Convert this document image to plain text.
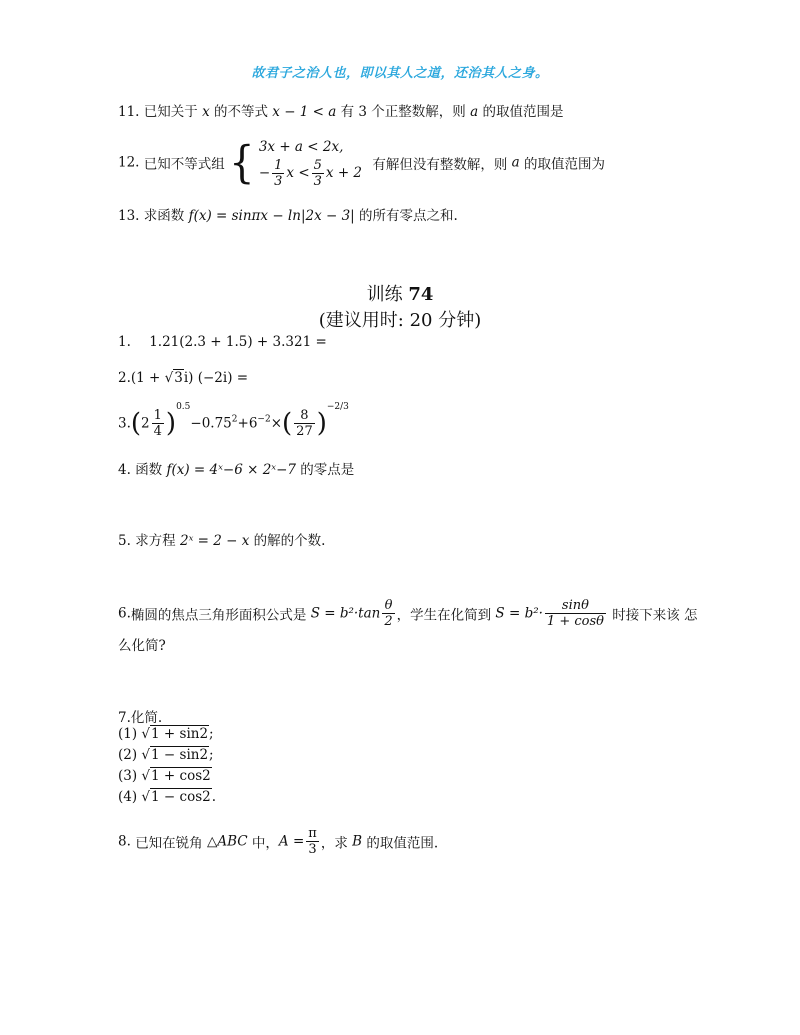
故君子之治人也，即以其人之道，还治其人之身。
11. 已知关于 x 的不等式 x − 1 < a 有 3 个正整数解，则 a 的取值范围是
12. 已知不等式组 { 3x + a < 2x,
− $\frac{1}{3}$ $x < \frac{5}{3}$ x + 2
有解但没有整数解，则 a 的取值范围为
13. 求函数 f(x) = sinπx − ln|2x − 3| 的所有零点之和.
训练 74
(建议用时: 20 分钟)
1. 1.21(2.3 + 1.5) + 3.321 =
2.(1 + √3i) (−2i) =
$3.(2 \frac{1}{4} )^{0.5}-0.75^2+6^{-2}\times( \frac{8}{27} )^{-2/3}$
4. 函数 f(x) = 4ˣ−6 × 2ˣ−7 的零点是
5. 求方程 2ˣ = 2 − x 的解的个数.
6.椭圆的焦点三角形面积公式是 $S = b^2\cdot\tan \frac{\theta}{2}$ ，学生在化简到 $S = b^2\cdot \frac{\sin\theta}{1 + \cos\theta}$ 时接下来该 怎
么化简?
7.化简.
(1) √1 + sin2;
(2) √1 − sin2;
(3) √1 + cos2
(4) √1 − cos2.
8. 已知在锐角 △ABC 中，$A = \frac{\pi}{3}$ ，求 B 的取值范围.
